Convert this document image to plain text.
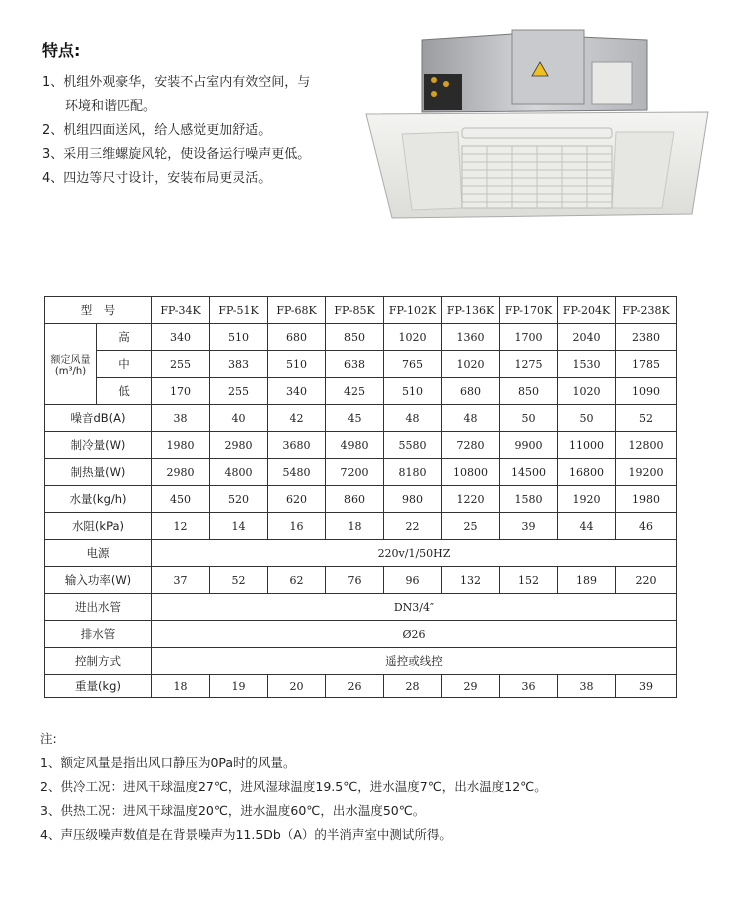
特点:
1、机组外观豪华，安装不占室内有效空间，与
环境和谐匹配。
2、机组四面送风，给人感觉更加舒适。
3、采用三维螺旋风轮，使设备运行噪声更低。
4、四边等尺寸设计，安装布局更灵活。
型　号		FP-34K	FP-51K	FP-68K	FP-85K	FP-102K	FP-136K	FP-170K	FP-204K	FP-238K

额定风量
(m³/h)	高	340	510	680	850	1020	1360	1700	2040	2380
	中	255	383	510	638	765	1020	1275	1530	1785
	低	170	255	340	425	510	680	850	1020	1090
噪音dB(A)		38	40	42	45	48	48	50	50	52
制冷量(W)		1980	2980	3680	4980	5580	7280	9900	11000	12800
制热量(W)		2980	4800	5480	7200	8180	10800	14500	16800	19200
水量(kg/h)		450	520	620	860	980	1220	1580	1920	1980
水阻(kPa)		12	14	16	18	22	25	39	44	46
电源		220v/1/50HZ								
输入功率(W)		37	52	62	76	96	132	152	189	220
进出水管		DN3/4″								
排水管		Ø26								
控制方式		遥控或线控								
重量(kg)		18	19	20	26	28	29	36	38	39

注:

1、额定风量是指出风口静压为0Pa时的风量。

2、供冷工况：进风干球温度27℃，进风湿球温度19.5℃，进水温度7℃，出水温度12℃。

3、供热工况：进风干球温度20℃，进水温度60℃，出水温度50℃。

4、声压级噪声数值是在背景噪声为11.5Db（A）的半消声室中测试所得。
